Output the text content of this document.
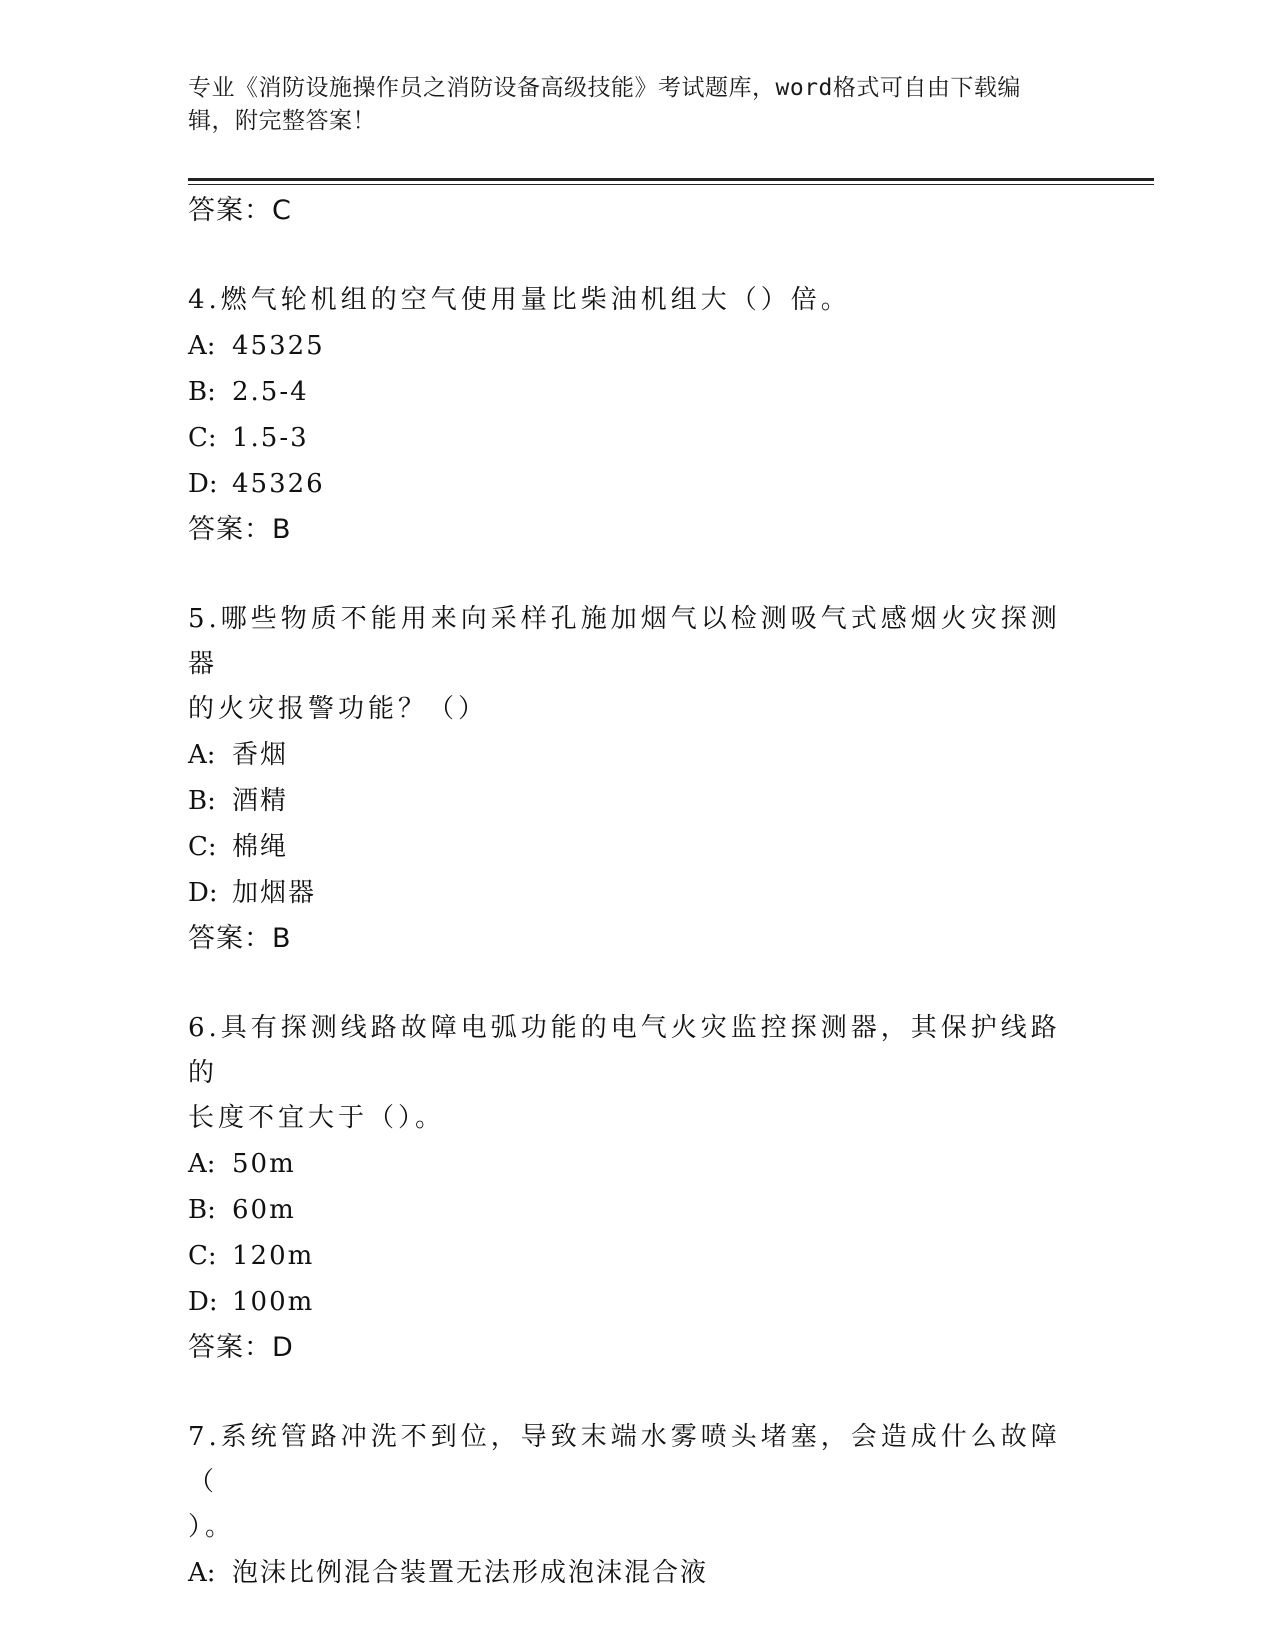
专业《消防设施操作员之消防设备高级技能》考试题库，word格式可自由下载编
辑，附完整答案！
答案：C
4.燃气轮机组的空气使用量比柴油机组大（）倍。
A: 45325
B: 2.5-4
C: 1.5-3
D: 45326
答案：B
5.哪些物质不能用来向采样孔施加烟气以检测吸气式感烟火灾探测器
的火灾报警功能？（）
A: 香烟
B: 酒精
C: 棉绳
D: 加烟器
答案：B
6.具有探测线路故障电弧功能的电气火灾监控探测器，其保护线路的
长度不宜大于（）。
A: 50m
B: 60m
C: 120m
D: 100m
答案：D
7.系统管路冲洗不到位，导致末端水雾喷头堵塞，会造成什么故障（
）。
A: 泡沫比例混合装置无法形成泡沫混合液
